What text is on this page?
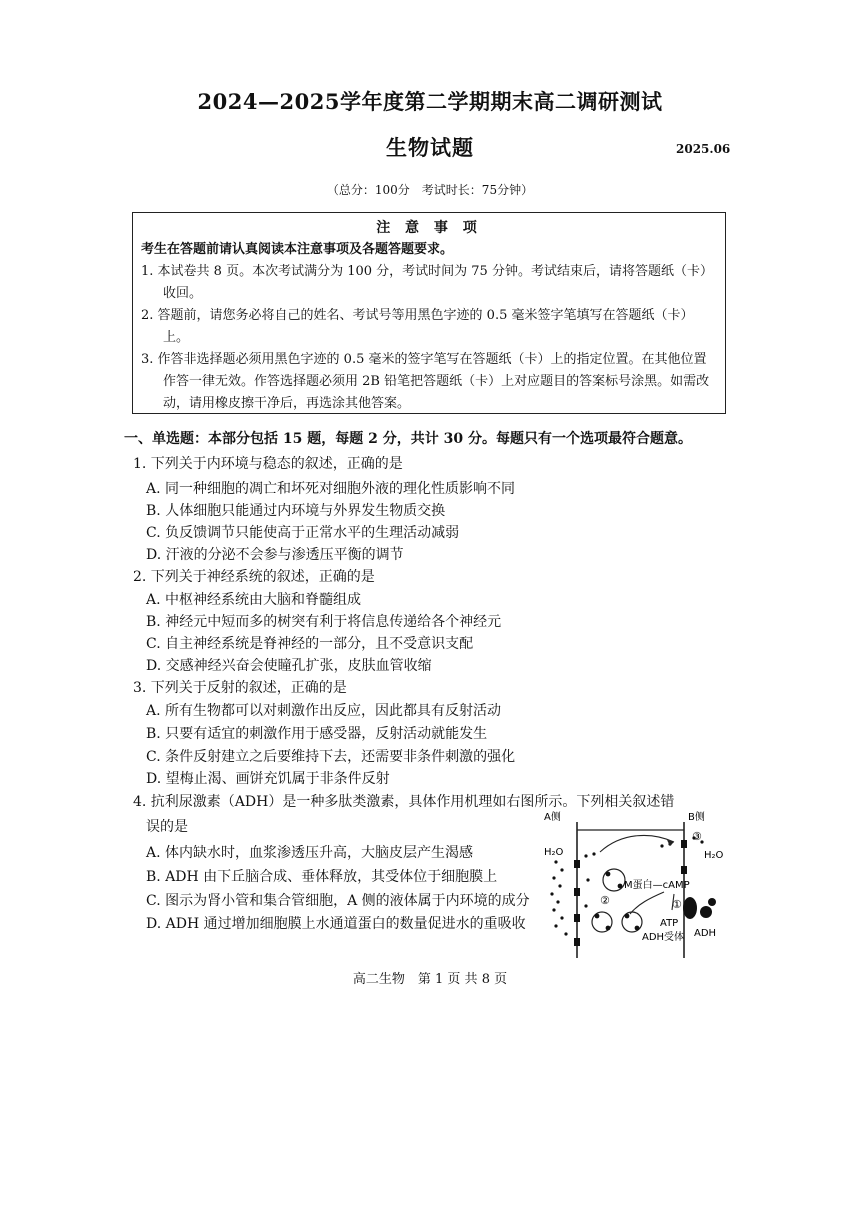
2024—2025学年度第二学期期末高二调研测试
生物试题	2025.06
（总分：100分　考试时长：75分钟）
注 意 事 项
考生在答题前请认真阅读本注意事项及各题答题要求。
1. 本试卷共 8 页。本次考试满分为 100 分，考试时间为 75 分钟。考试结束后，请将答题纸（卡）收回。
2. 答题前，请您务必将自己的姓名、考试号等用黑色字迹的 0.5 毫米签字笔填写在答题纸（卡）上。
3. 作答非选择题必须用黑色字迹的 0.5 毫米的签字笔写在答题纸（卡）上的指定位置。在其他位置作答一律无效。作答选择题必须用 2B 铅笔把答题纸（卡）上对应题目的答案标号涂黑。如需改动，请用橡皮擦干净后，再选涂其他答案。
一、单选题：本部分包括 15 题，每题 2 分，共计 30 分。每题只有一个选项最符合题意。
1. 下列关于内环境与稳态的叙述，正确的是
A. 同一种细胞的凋亡和坏死对细胞外液的理化性质影响不同
B. 人体细胞只能通过内环境与外界发生物质交换
C. 负反馈调节只能使高于正常水平的生理活动减弱
D. 汗液的分泌不会参与渗透压平衡的调节
2. 下列关于神经系统的叙述，正确的是
A. 中枢神经系统由大脑和脊髓组成
B. 神经元中短而多的树突有利于将信息传递给各个神经元
C. 自主神经系统是脊神经的一部分，且不受意识支配
D. 交感神经兴奋会使瞳孔扩张，皮肤血管收缩
3. 下列关于反射的叙述，正确的是
A. 所有生物都可以对刺激作出反应，因此都具有反射活动
B. 只要有适宜的刺激作用于感受器，反射活动就能发生
C. 条件反射建立之后要维持下去，还需要非条件刺激的强化
D. 望梅止渴、画饼充饥属于非条件反射
4. 抗利尿激素（ADH）是一种多肽类激素，具体作用机理如右图所示。下列相关叙述错
误的是
A. 体内缺水时，血浆渗透压升高，大脑皮层产生渴感
B. ADH 由下丘脑合成、垂体释放，其受体位于细胞膜上
C. 图示为肾小管和集合管细胞，A 侧的液体属于内环境的成分
D. ADH 通过增加细胞膜上水通道蛋白的数量促进水的重吸收
A侧	B侧
H₂O	H₂O
M蛋白—cAMP
ATP
ADH受体 ADH
①
②
③
高二生物　第 1 页 共 8 页
